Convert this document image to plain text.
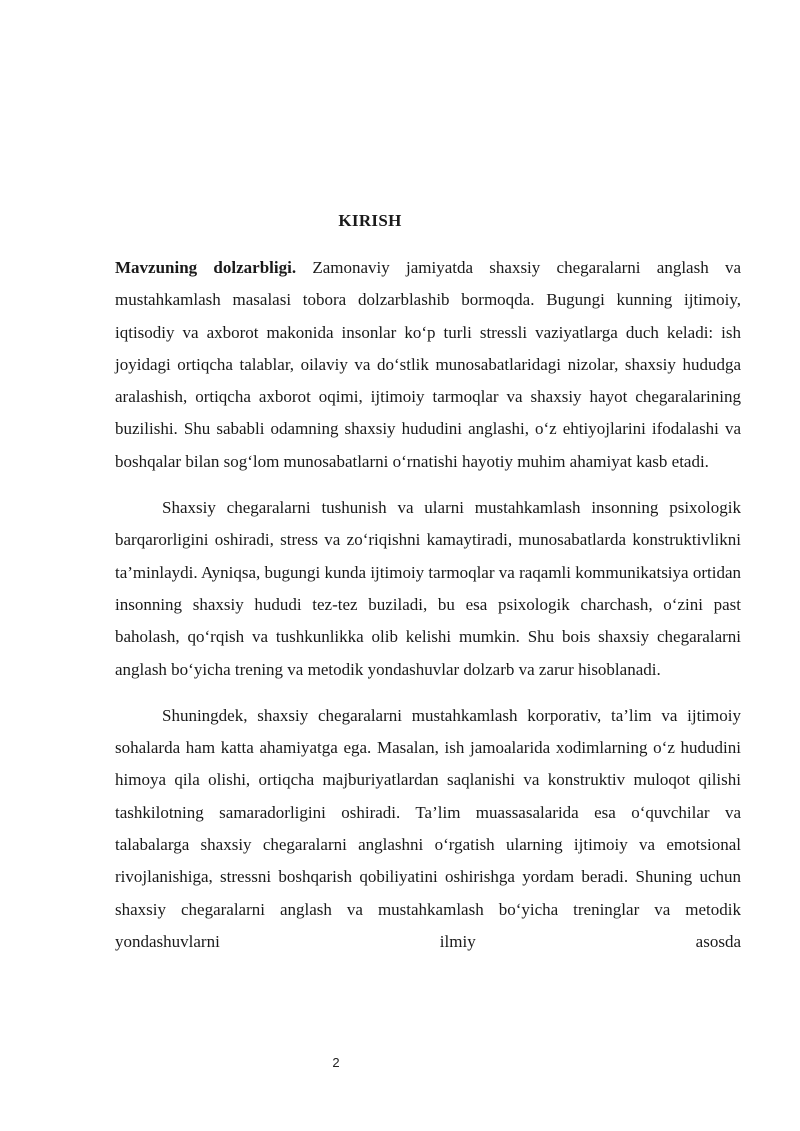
KIRISH

Mavzuning dolzarbligi. Zamonaviy jamiyatda shaxsiy chegaralarni anglash va mustahkamlash masalasi tobora dolzarblashib bormoqda. Bugungi kunning ijtimoiy, iqtisodiy va axborot makonida insonlar ko‘p turli stressli vaziyatlarga duch keladi: ish joyidagi ortiqcha talablar, oilaviy va do‘stlik munosabatlaridagi nizolar, shaxsiy hududga aralashish, ortiqcha axborot oqimi, ijtimoiy tarmoqlar va shaxsiy hayot chegaralarining buzilishi. Shu sababli odamning shaxsiy hududini anglashi, o‘z ehtiyojlarini ifodalashi va boshqalar bilan sog‘lom munosabatlarni o‘rnatishi hayotiy muhim ahamiyat kasb etadi.

Shaxsiy chegaralarni tushunish va ularni mustahkamlash insonning psixologik barqarorligini oshiradi, stress va zo‘riqishni kamaytiradi, munosabatlarda konstruktivlikni ta’minlaydi. Ayniqsa, bugungi kunda ijtimoiy tarmoqlar va raqamli kommunikatsiya ortidan insonning shaxsiy hududi tez-tez buziladi, bu esa psixologik charchash, o‘zini past baholash, qo‘rqish va tushkunlikka olib kelishi mumkin. Shu bois shaxsiy chegaralarni anglash bo‘yicha trening va metodik yondashuvlar dolzarb va zarur hisoblanadi.

Shuningdek, shaxsiy chegaralarni mustahkamlash korporativ, ta’lim va ijtimoiy sohalarda ham katta ahamiyatga ega. Masalan, ish jamoalarida xodimlarning o‘z hududini himoya qila olishi, ortiqcha majburiyatlardan saqlanishi va konstruktiv muloqot qilishi tashkilotning samaradorligini oshiradi. Ta’lim muassasalarida esa o‘quvchilar va talabalarga shaxsiy chegaralarni anglashni o‘rgatish ularning ijtimoiy va emotsional rivojlanishiga, stressni boshqarish qobiliyatini oshirishga yordam beradi. Shuning uchun shaxsiy chegaralarni anglash va mustahkamlash bo‘yicha treninglar va metodik yondashuvlarni ilmiy asosda

2
